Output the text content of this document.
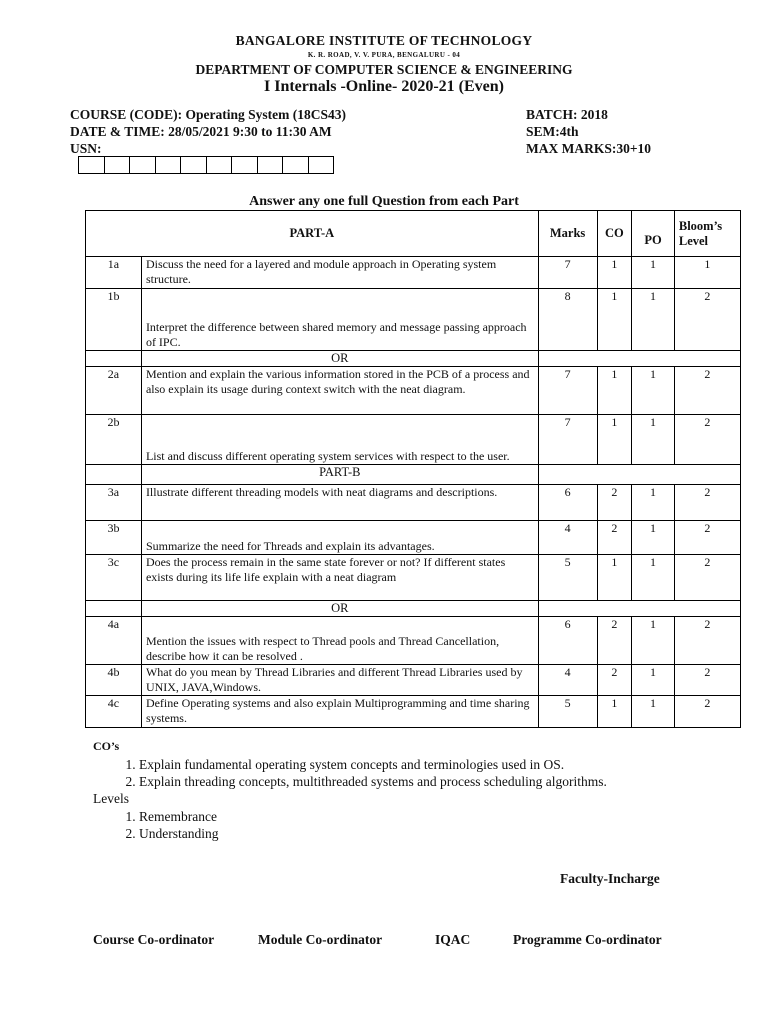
BANGALORE INSTITUTE OF TECHNOLOGY
K. R. ROAD, V. V. PURA, BENGALURU - 04
DEPARTMENT OF COMPUTER SCIENCE & ENGINEERING
I Internals -Online- 2020-21 (Even)
COURSE (CODE): Operating System (18CS43)
DATE & TIME: 28/05/2021 9:30 to 11:30 AM
USN:
BATCH: 2018
SEM:4th
MAX MARKS:30+10
Answer any one full Question from each Part
PART-A		Marks	CO	PO	Bloom’s Level
1a	Discuss the need for a layered and module approach in Operating system structure.	7	1	1	1
1b	Interpret the difference between shared memory and message passing approach of IPC.	8	1	1	2
	OR				
2a	Mention and explain the various information stored in the PCB of a process and also explain its usage during context switch with the neat diagram.	7	1	1	2
2b	List and discuss different operating system services with respect to the user.	7	1	1	2
	PART-B				
3a	Illustrate different threading models with neat diagrams and descriptions.	6	2	1	2
3b	Summarize the need for Threads and explain its advantages.	4	2	1	2
3c	Does the process remain in the same state forever or not? If different states exists during its life life explain with a neat diagram	5	1	1	2
	OR				
4a	Mention the issues with respect to Thread pools and Thread Cancellation, describe how it can be resolved .	6	2	1	2
4b	What do you mean by Thread Libraries and different Thread Libraries used by UNIX, JAVA,Windows.	4	2	1	2
4c	Define Operating systems and also explain Multiprogramming and time sharing systems.	5	1	1	2
CO’s
1. Explain fundamental operating system concepts and terminologies used in OS.
2. Explain threading concepts, multithreaded systems and process scheduling algorithms.
Levels
1. Remembrance
2. Understanding
Faculty-Incharge
Course Co-ordinator	Module Co-ordinator	IQAC	Programme Co-ordinator
